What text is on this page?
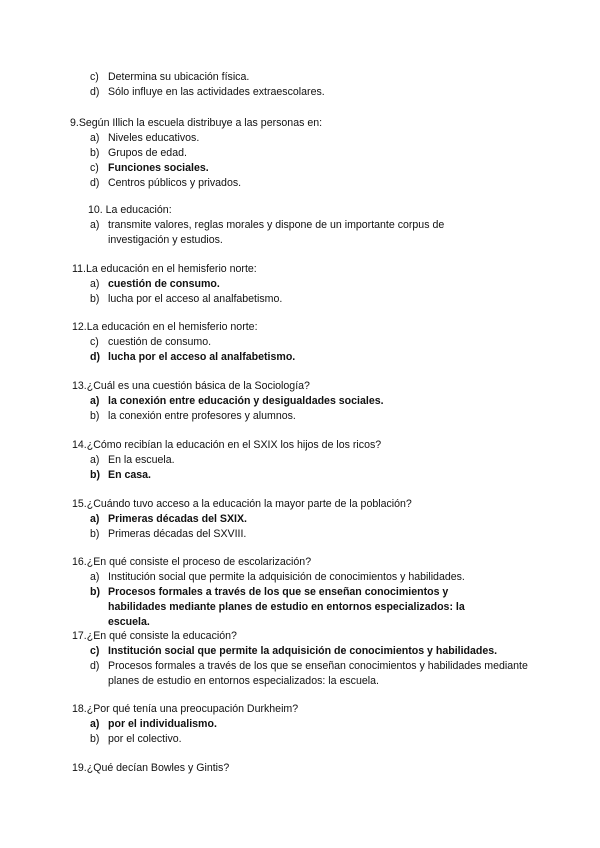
c) Determina su ubicación física.
d) Sólo influye en las actividades extraescolares.
9.Según Illich la escuela distribuye a las personas en:
a) Niveles educativos.
b) Grupos de edad.
c) Funciones sociales.
d) Centros públicos y privados.
10. La educación:
a) transmite valores, reglas morales y dispone de un importante corpus de investigación y estudios.
11.La educación en el hemisferio norte:
a) cuestión de consumo.
b) lucha por el acceso al analfabetismo.
12.La educación en el hemisferio norte:
c) cuestión de consumo.
d) lucha por el acceso al analfabetismo.
13.¿Cuál es una cuestión básica de la Sociología?
a) la conexión entre educación y desigualdades sociales.
b) la conexión entre profesores y alumnos.
14.¿Cómo recibían la educación en el SXIX los hijos de los ricos?
a) En la escuela.
b) En casa.
15.¿Cuándo tuvo acceso a la educación la mayor parte de la población?
a) Primeras décadas del SXIX.
b) Primeras décadas del SXVIII.
16.¿En qué consiste el proceso de escolarización?
a) Institución social que permite la adquisición de conocimientos y habilidades.
b) Procesos formales a través de los que se enseñan conocimientos y habilidades mediante planes de estudio en entornos especializados: la escuela.
17.¿En qué consiste la educación?
c) Institución social que permite la adquisición de conocimientos y habilidades.
d) Procesos formales a través de los que se enseñan conocimientos y habilidades mediante planes de estudio en entornos especializados: la escuela.
18.¿Por qué tenía una preocupación Durkheim?
a) por el individualismo.
b) por el colectivo.
19.¿Qué decían Bowles y Gintis?
